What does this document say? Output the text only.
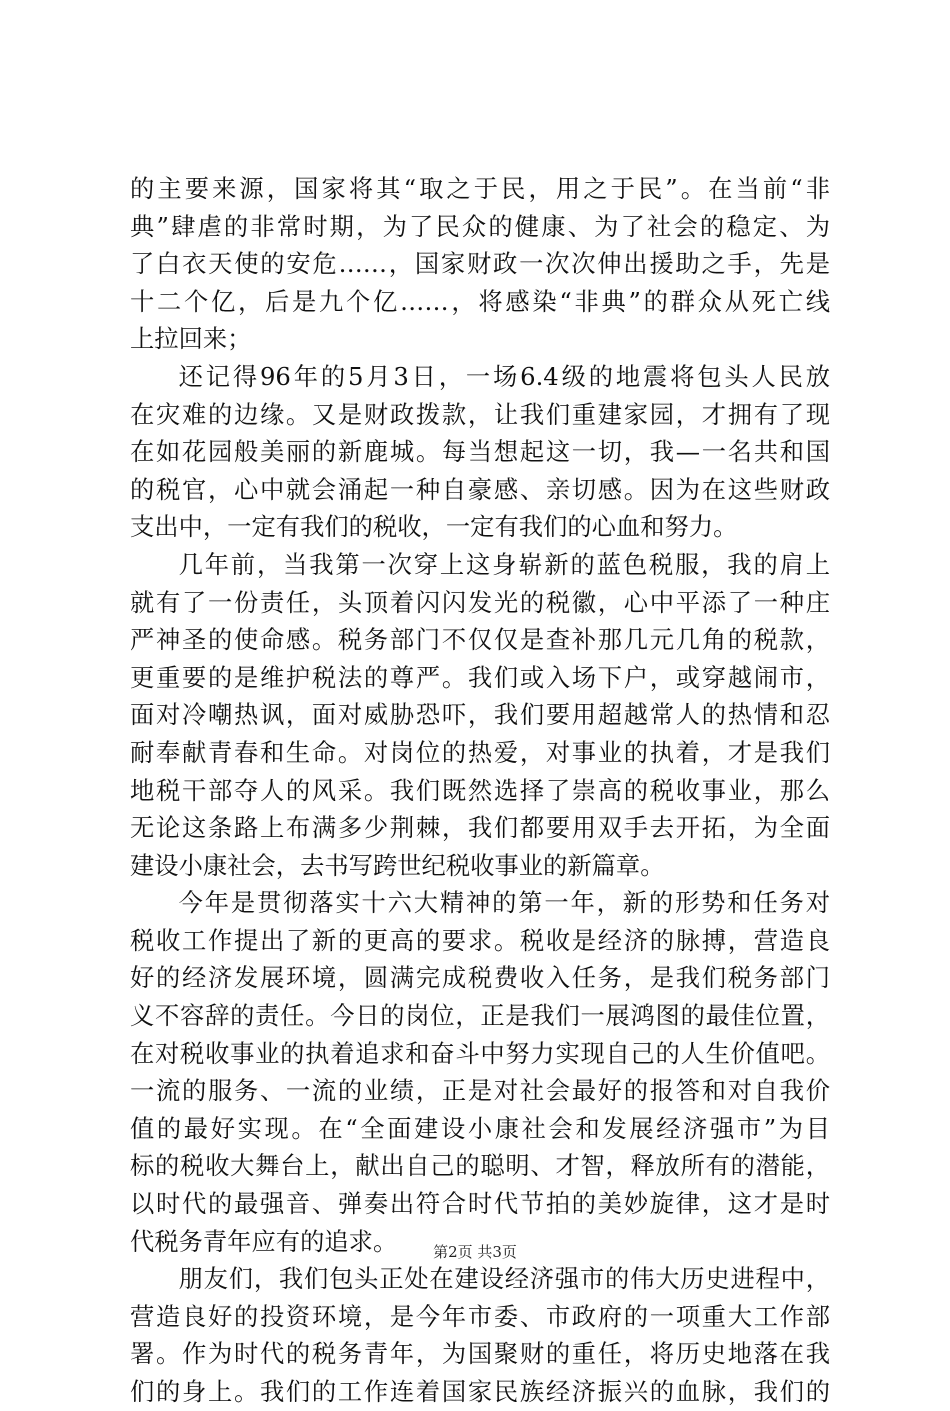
的主要来源，国家将其“取之于民，用之于民”。在当前“非
典”肆虐的非常时期，为了民众的健康、为了社会的稳定、为
了白衣天使的安危……，国家财政一次次伸出援助之手，先是
十二个亿，后是九个亿……，将感染“非典”的群众从死亡线
上拉回来；
还记得96年的5月3日，一场6.4级的地震将包头人民放
在灾难的边缘。又是财政拨款，让我们重建家园，才拥有了现
在如花园般美丽的新鹿城。每当想起这一切，我—一名共和国
的税官，心中就会涌起一种自豪感、亲切感。因为在这些财政
支出中，一定有我们的税收，一定有我们的心血和努力。
几年前，当我第一次穿上这身崭新的蓝色税服，我的肩上
就有了一份责任，头顶着闪闪发光的税徽，心中平添了一种庄
严神圣的使命感。税务部门不仅仅是查补那几元几角的税款，
更重要的是维护税法的尊严。我们或入场下户，或穿越闹市，
面对冷嘲热讽，面对威胁恐吓，我们要用超越常人的热情和忍
耐奉献青春和生命。对岗位的热爱，对事业的执着，才是我们
地税干部夺人的风采。我们既然选择了崇高的税收事业，那么
无论这条路上布满多少荆棘，我们都要用双手去开拓，为全面
建设小康社会，去书写跨世纪税收事业的新篇章。
今年是贯彻落实十六大精神的第一年，新的形势和任务对
税收工作提出了新的更高的要求。税收是经济的脉搏，营造良
好的经济发展环境，圆满完成税费收入任务，是我们税务部门
义不容辞的责任。今日的岗位，正是我们一展鸿图的最佳位置，
在对税收事业的执着追求和奋斗中努力实现自己的人生价值吧。
一流的服务、一流的业绩，正是对社会最好的报答和对自我价
值的最好实现。在“全面建设小康社会和发展经济强市”为目
标的税收大舞台上，献出自己的聪明、才智，释放所有的潜能，
以时代的最强音、弹奏出符合时代节拍的美妙旋律，这才是时
代税务青年应有的追求。
朋友们，我们包头正处在建设经济强市的伟大历史进程中，
营造良好的投资环境，是今年市委、市政府的一项重大工作部
署。作为时代的税务青年，为国聚财的重任，将历史地落在我
们的身上。我们的工作连着国家民族经济振兴的血脉，我们的
第2页 共3页
